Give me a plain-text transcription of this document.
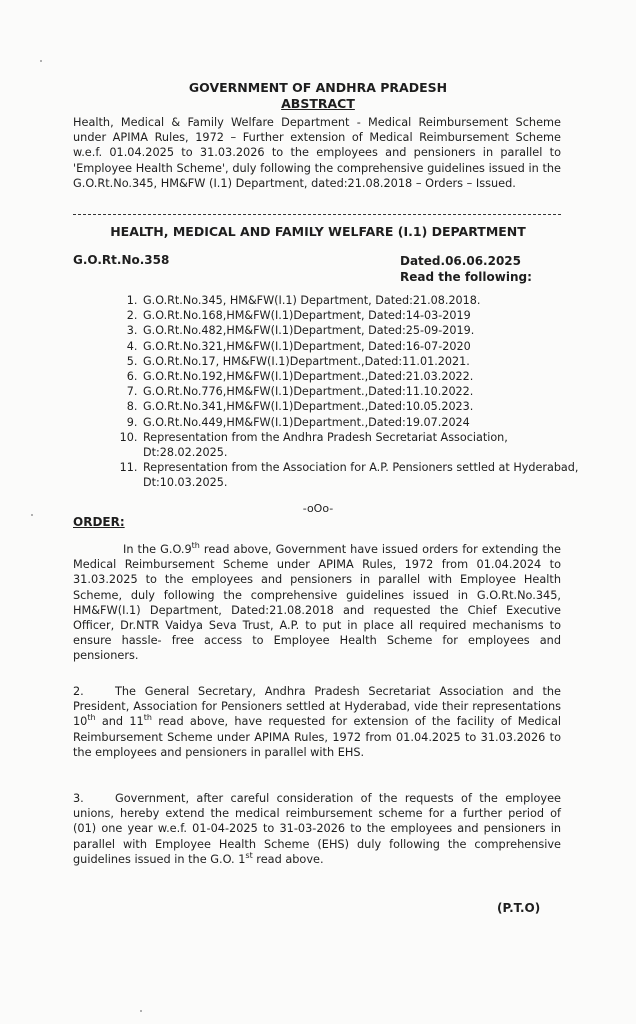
GOVERNMENT OF ANDHRA PRADESH
ABSTRACT
Health, Medical & Family Welfare Department - Medical Reimbursement Scheme under APIMA Rules, 1972 – Further extension of Medical Reimbursement Scheme w.e.f. 01.04.2025 to 31.03.2026 to the employees and pensioners in parallel to 'Employee Health Scheme', duly following the comprehensive guidelines issued in the G.O.Rt.No.345, HM&FW (I.1) Department, dated:21.08.2018 – Orders – Issued.
HEALTH, MEDICAL AND FAMILY WELFARE (I.1) DEPARTMENT
G.O.Rt.No.358	Dated.06.06.2025
Read the following:
1. G.O.Rt.No.345, HM&FW(I.1) Department, Dated:21.08.2018.
2. G.O.Rt.No.168,HM&FW(I.1)Department, Dated:14-03-2019
3. G.O.Rt.No.482,HM&FW(I.1)Department, Dated:25-09-2019.
4. G.O.Rt.No.321,HM&FW(I.1)Department, Dated:16-07-2020
5. G.O.Rt.No.17, HM&FW(I.1)Department.,Dated:11.01.2021.
6. G.O.Rt.No.192,HM&FW(I.1)Department.,Dated:21.03.2022.
7. G.O.Rt.No.776,HM&FW(I.1)Department.,Dated:11.10.2022.
8. G.O.Rt.No.341,HM&FW(I.1)Department.,Dated:10.05.2023.
9. G.O.Rt.No.449,HM&FW(I.1)Department.,Dated:19.07.2024
10. Representation from the Andhra Pradesh Secretariat Association, Dt:28.02.2025.
11. Representation from the Association for A.P. Pensioners settled at Hyderabad, Dt:10.03.2025.
-oOo-
ORDER:
In the G.O.9th read above, Government have issued orders for extending the Medical Reimbursement Scheme under APIMA Rules, 1972 from 01.04.2024 to 31.03.2025 to the employees and pensioners in parallel with Employee Health Scheme, duly following the comprehensive guidelines issued in G.O.Rt.No.345, HM&FW(I.1) Department, Dated:21.08.2018 and requested the Chief Executive Officer, Dr.NTR Vaidya Seva Trust, A.P. to put in place all required mechanisms to ensure hassle- free access to Employee Health Scheme for employees and pensioners.
2.	The General Secretary, Andhra Pradesh Secretariat Association and the President, Association for Pensioners settled at Hyderabad, vide their representations 10th and 11th read above, have requested for extension of the facility of Medical Reimbursement Scheme under APIMA Rules, 1972 from 01.04.2025 to 31.03.2026 to the employees and pensioners in parallel with EHS.
3.	Government, after careful consideration of the requests of the employee unions, hereby extend the medical reimbursement scheme for a further period of (01) one year w.e.f. 01-04-2025 to 31-03-2026 to the employees and pensioners in parallel with Employee Health Scheme (EHS) duly following the comprehensive guidelines issued in the G.O. 1st read above.
(P.T.O)
